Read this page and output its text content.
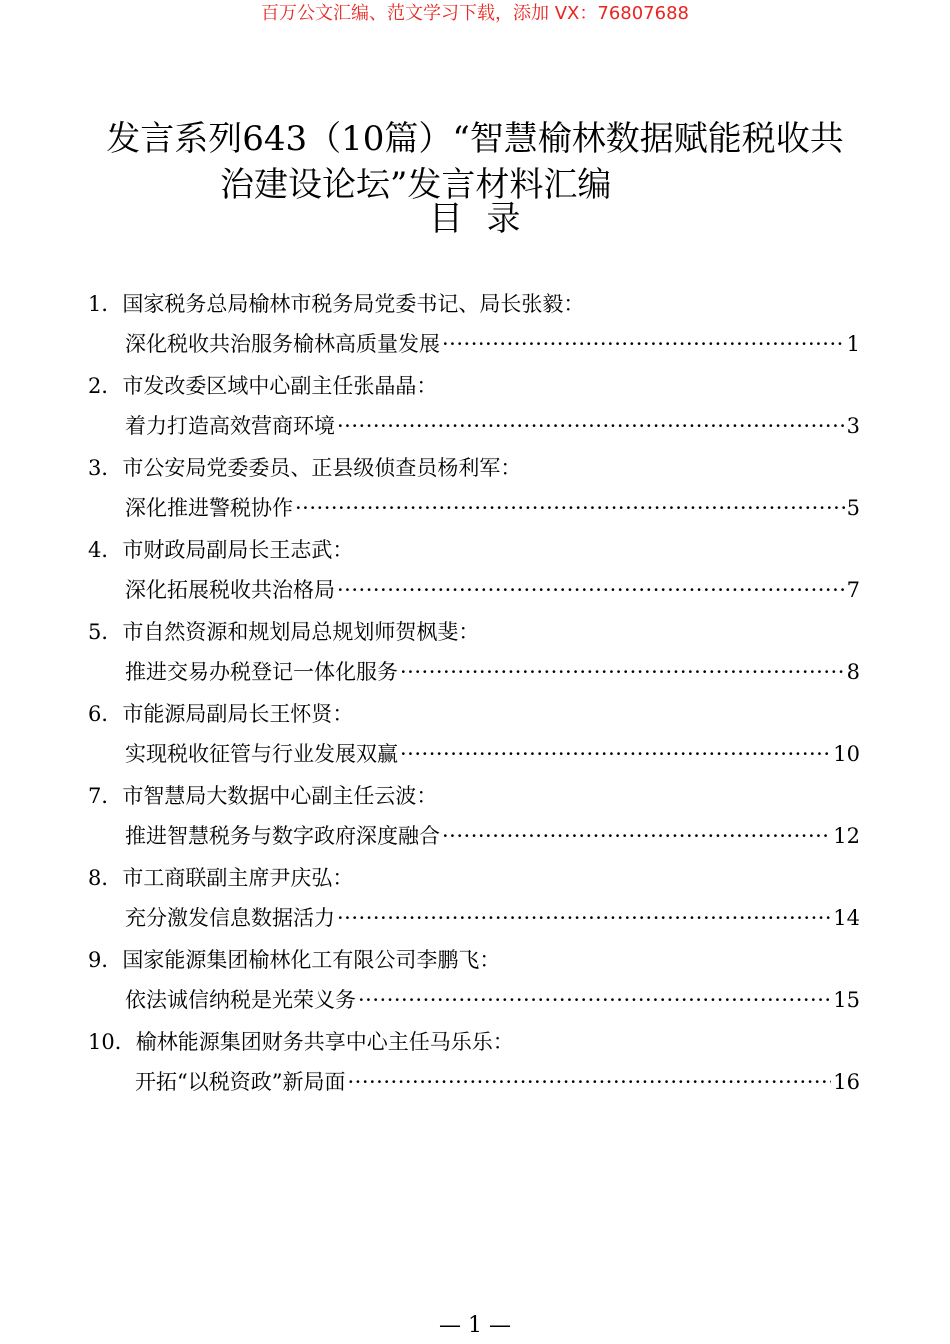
百万公文汇编、范文学习下载，添加 VX：76807688
发言系列643（10篇）“智慧榆林数据赋能税收共
治建设论坛”发言材料汇编
目  录
1．国家税务总局榆林市税务局党委书记、局长张毅：
深化税收共治服务榆林高质量发展 ·····	1
2．市发改委区域中心副主任张晶晶：
着力打造高效营商环境 ·····	3
3．市公安局党委委员、正县级侦查员杨利军：
深化推进警税协作 ·····	5
4．市财政局副局长王志武：
深化拓展税收共治格局 ·····	7
5．市自然资源和规划局总规划师贺枫斐：
推进交易办税登记一体化服务 ·····	8
6．市能源局副局长王怀贤：
实现税收征管与行业发展双赢 ·····	10
7．市智慧局大数据中心副主任云波：
推进智慧税务与数字政府深度融合 ·····	12
8．市工商联副主席尹庆弘：
充分激发信息数据活力 ·····	14
9．国家能源集团榆林化工有限公司李鹏飞：
依法诚信纳税是光荣义务 ·····	15
10．榆林能源集团财务共享中心主任马乐乐：
开拓“以税资政”新局面 ·····	16
— 1 —
